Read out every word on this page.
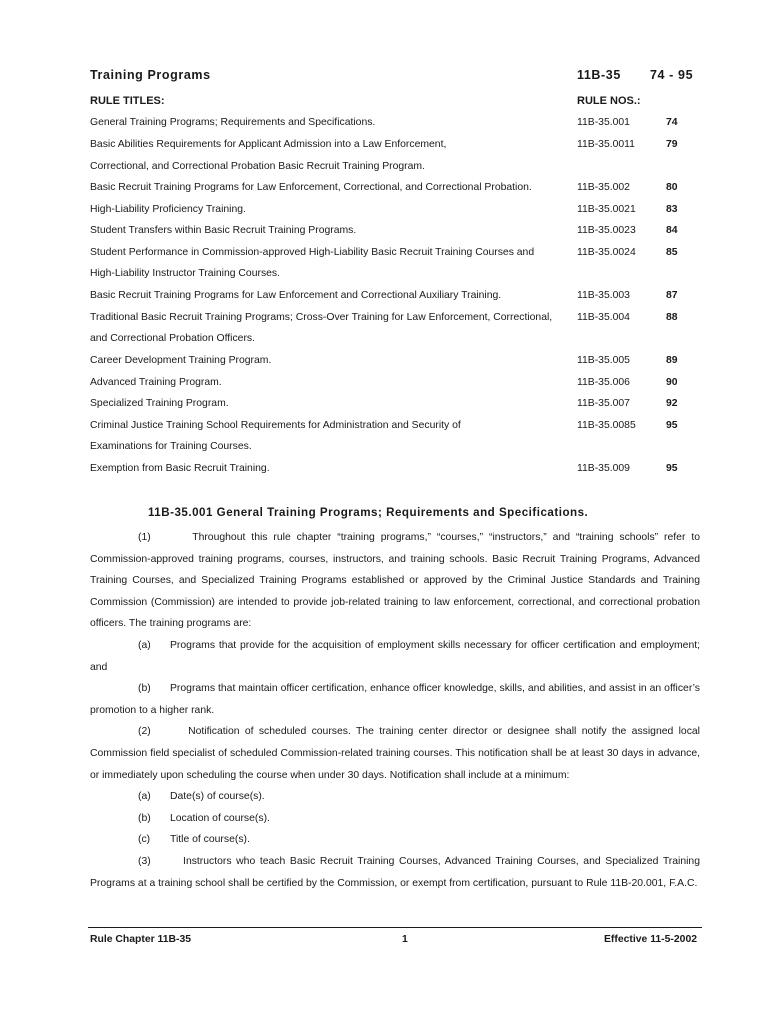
Training Programs	11B-35 74 - 95
RULE TITLES:	RULE NOS.:
General Training Programs; Requirements and Specifications.	11B-35.001	74
Basic Abilities Requirements for Applicant Admission into a Law Enforcement,	11B-35.0011	79
Correctional, and Correctional Probation Basic Recruit Training Program.
Basic Recruit Training Programs for Law Enforcement, Correctional, and Correctional Probation.	11B-35.002	80
High-Liability Proficiency Training.	11B-35.0021	83
Student Transfers within Basic Recruit Training Programs.	11B-35.0023	84
Student Performance in Commission-approved High-Liability Basic Recruit Training Courses and	11B-35.0024	85
High-Liability Instructor Training Courses.
Basic Recruit Training Programs for Law Enforcement and Correctional Auxiliary Training.	11B-35.003	87
Traditional Basic Recruit Training Programs; Cross-Over Training for Law Enforcement, Correctional,	11B-35.004	88
and Correctional Probation Officers.
Career Development Training Program.	11B-35.005	89
Advanced Training Program.	11B-35.006	90
Specialized Training Program.	11B-35.007	92
Criminal Justice Training School Requirements for Administration and Security of	11B-35.0085	95
Examinations for Training Courses.
Exemption from Basic Recruit Training.	11B-35.009	95
11B-35.001 General Training Programs; Requirements and Specifications.

(1)       Throughout this rule chapter “training programs,” “courses,” “instructors,” and “training schools” refer to Commission-approved training programs, courses, instructors, and training schools. Basic Recruit Training Programs, Advanced Training Courses, and Specialized Training Programs established or approved by the Criminal Justice Standards and Training Commission (Commission) are intended to provide job-related training to law enforcement, correctional, and correctional probation officers. The training programs are:

(a)	Programs that provide for the acquisition of employment skills necessary for officer certification and employment; and
(b)	Programs that maintain officer certification, enhance officer knowledge, skills, and abilities, and assist in an officer’s promotion to a higher rank.

(2)       Notification of scheduled courses. The training center director or designee shall notify the assigned local Commission field specialist of scheduled Commission-related training courses. This notification shall be at least 30 days in advance, or immediately upon scheduling the course when under 30 days. Notification shall include at a minimum:

(a) Date(s) of course(s).
(b) Location of course(s).
(c) Title of course(s).

(3)       Instructors who teach Basic Recruit Training Courses, Advanced Training Courses, and Specialized Training Programs at a training school shall be certified by the Commission, or exempt from certification, pursuant to Rule 11B-20.001, F.A.C.

Rule Chapter 11B-35	1	Effective 11-5-2002
